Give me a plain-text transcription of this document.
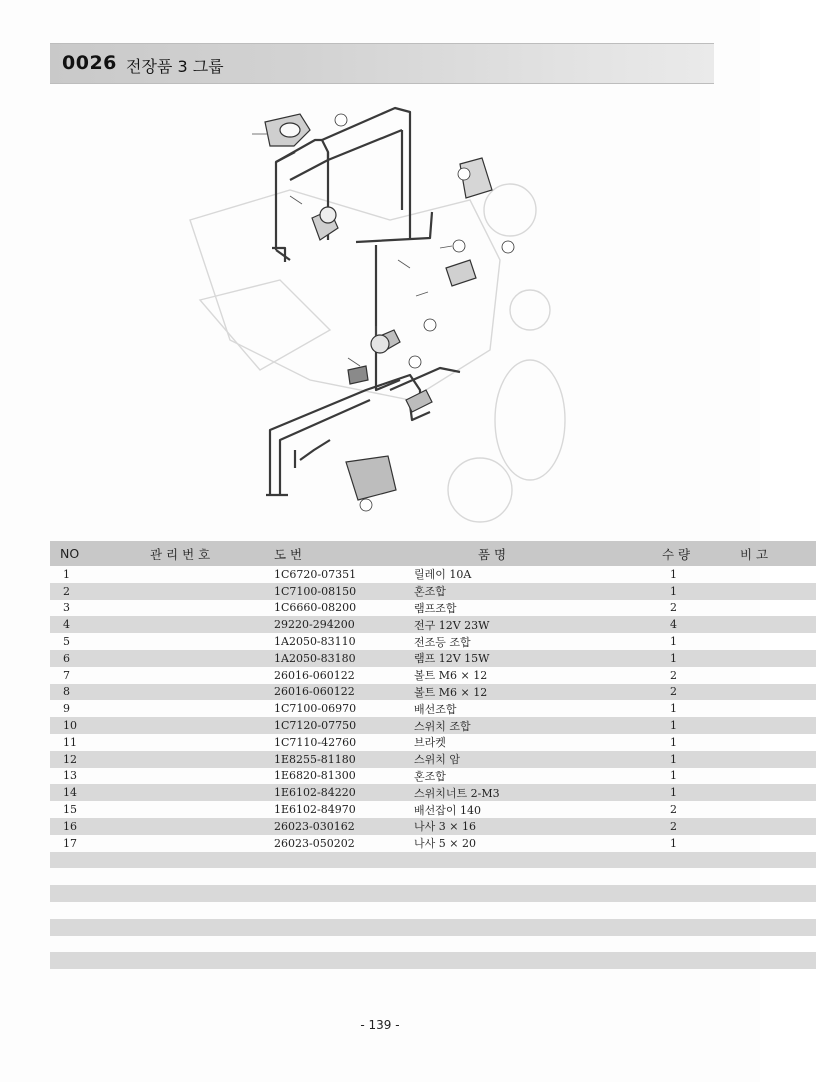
0026 전장품 3 그룹
NO	관 리 번 호	도 번	품 명	수 량	비 고
1		1C6720-07351	릴레이 10A	1	
2		1C7100-08150	혼조합	1	
3		1C6660-08200	램프조합	2	
4		29220-294200	전구 12V 23W	4	
5		1A2050-83110	전조등 조합	1	
6		1A2050-83180	램프 12V 15W	1	
7		26016-060122	볼트 M6 × 12	2	
8		26016-060122	볼트 M6 × 12	2	
9		1C7100-06970	배선조합	1	
10		1C7120-07750	스위치 조합	1	
11		1C7110-42760	브라켓	1	
12		1E8255-81180	스위치 암	1	
13		1E6820-81300	혼조합	1	
14		1E6102-84220	스위치너트 2-M3	1	
15		1E6102-84970	배선잡이 140	2	
16		26023-030162	나사 3 × 16	2	
17		26023-050202	나사 5 × 20	1	

- 139 -
